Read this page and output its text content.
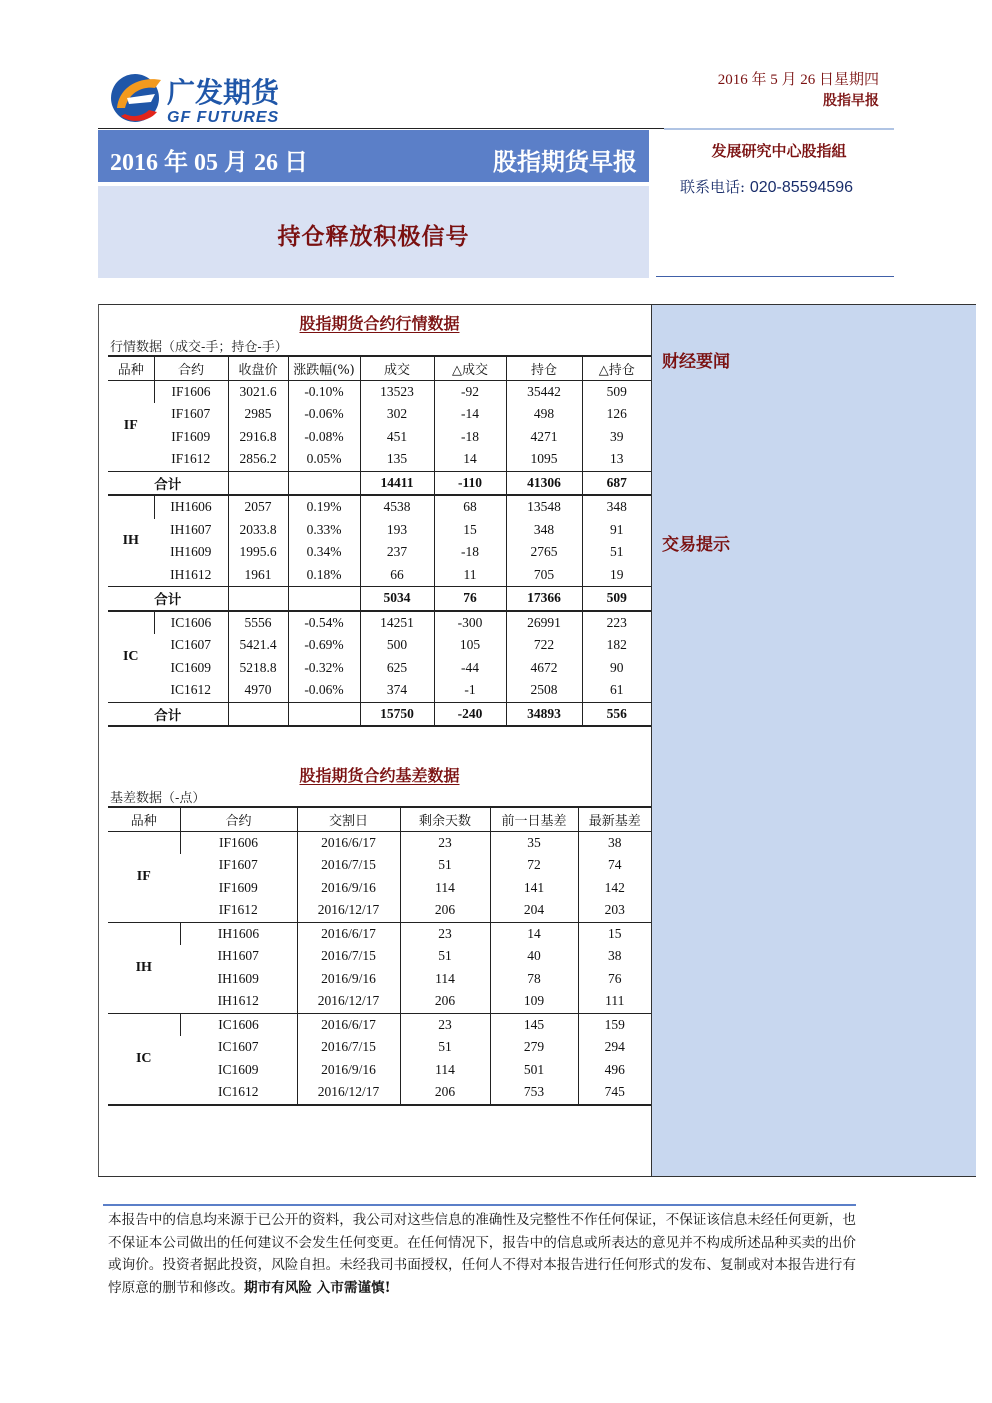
广发期货
GF FUTURES
2016 年 5 月 26 日星期四
股指早报
2016 年 05 月 26 日	股指期货早报
持仓释放积极信号
发展研究中心股指組
联系电话: 020-85594596
财经要闻
交易提示
股指期货合约行情数据
行情数据（成交-手；持仓-手）
品种	合约	收盘价	涨跌幅(%)	成交	△成交	持仓	△持仓
IF	IF1606	3021.6	-0.10%	13523	-92	35442	509
	IF1607	2985	-0.06%	302	-14	498	126
	IF1609	2916.8	-0.08%	451	-18	4271	39
	IF1612	2856.2	0.05%	135	14	1095	13
合计				14411	-110	41306	687
IH	IH1606	2057	0.19%	4538	68	13548	348
	IH1607	2033.8	0.33%	193	15	348	91
	IH1609	1995.6	0.34%	237	-18	2765	51
	IH1612	1961	0.18%	66	11	705	19
合计				5034	76	17366	509
IC	IC1606	5556	-0.54%	14251	-300	26991	223
	IC1607	5421.4	-0.69%	500	105	722	182
	IC1609	5218.8	-0.32%	625	-44	4672	90
	IC1612	4970	-0.06%	374	-1	2508	61
合计				15750	-240	34893	556
股指期货合约基差数据
基差数据（-点）
品种	合约	交割日	剩余天数	前一日基差	最新基差
IF	IF1606	2016/6/17	23	35	38
	IF1607	2016/7/15	51	72	74
	IF1609	2016/9/16	114	141	142
	IF1612	2016/12/17	206	204	203
IH	IH1606	2016/6/17	23	14	15
	IH1607	2016/7/15	51	40	38
	IH1609	2016/9/16	114	78	76
	IH1612	2016/12/17	206	109	111
IC	IC1606	2016/6/17	23	145	159
	IC1607	2016/7/15	51	279	294
	IC1609	2016/9/16	114	501	496
	IC1612	2016/12/17	206	753	745
本报告中的信息均来源于已公开的资料，我公司对这些信息的准确性及完整性不作任何保证，不保证该信息未经任何更新，也不保证本公司做出的任何建议不会发生任何变更。在任何情况下，报告中的信息或所表达的意见并不构成所述品种买卖的出价或询价。投资者据此投资，风险自担。未经我司书面授权，任何人不得对本报告进行任何形式的发布、复制或对本报告进行有悖原意的删节和修改。期市有风险 入市需谨慎!
